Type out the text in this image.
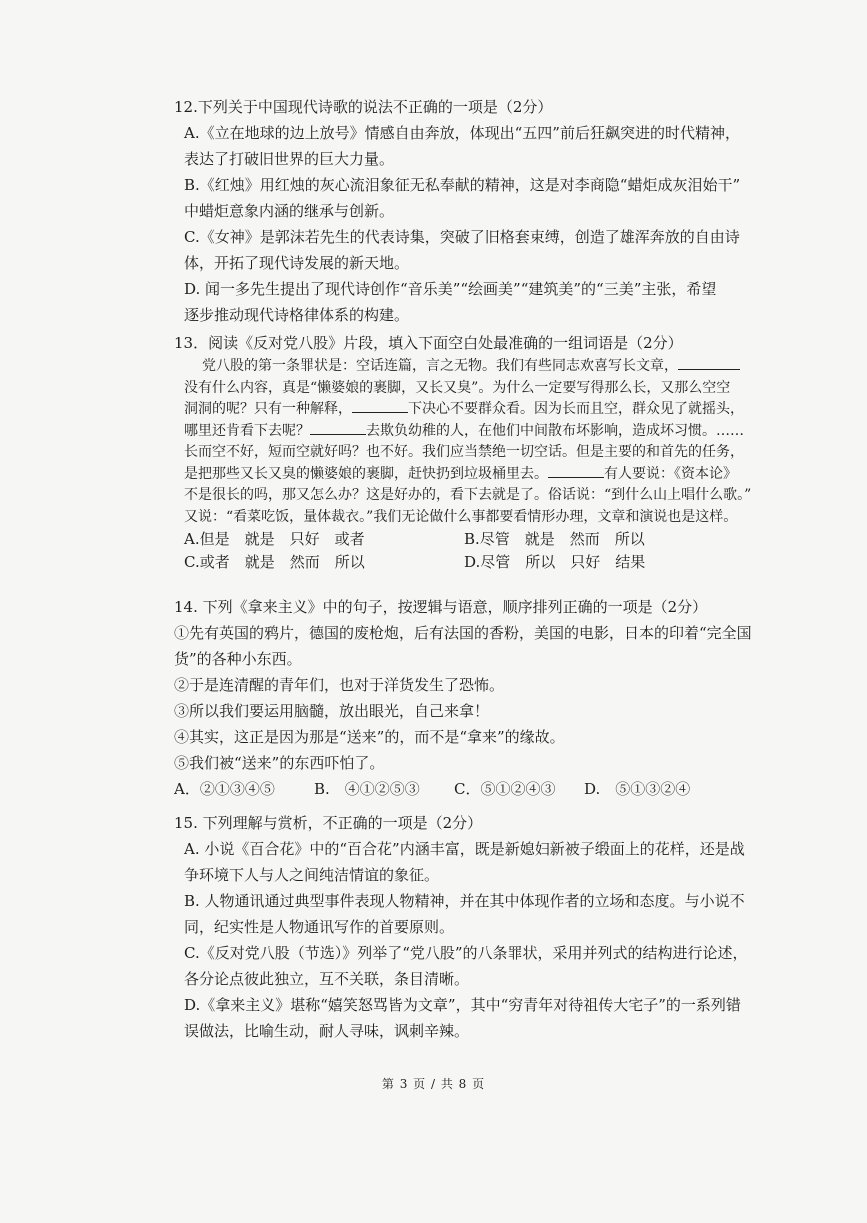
12.下列关于中国现代诗歌的说法不正确的一项是（2分）
A.《立在地球的边上放号》情感自由奔放，体现出“五四”前后狂飙突进的时代精神，
表达了打破旧世界的巨大力量。
B.《红烛》用红烛的灰心流泪象征无私奉献的精神，这是对李商隐“蜡炬成灰泪始干”
中蜡炬意象内涵的继承与创新。
C.《女神》是郭沫若先生的代表诗集，突破了旧格套束缚，创造了雄浑奔放的自由诗
体，开拓了现代诗发展的新天地。
D. 闻一多先生提出了现代诗创作“音乐美”“绘画美”“建筑美”的“三美”主张，希望
逐步推动现代诗格律体系的构建。
13．阅读《反对党八股》片段，填入下面空白处最准确的一组词语是（2分）
党八股的第一条罪状是：空话连篇，言之无物。我们有些同志欢喜写长文章，
没有什么内容，真是“懒婆娘的裹脚，又长又臭”。为什么一定要写得那么长，又那么空空
洞洞的呢？只有一种解释，	下决心不要群众看。因为长而且空，群众见了就摇头，
哪里还肯看下去呢？	去欺负幼稚的人，在他们中间散布坏影响，造成坏习惯。……
长而空不好，短而空就好吗？也不好。我们应当禁绝一切空话。但是主要的和首先的任务，
是把那些又长又臭的懒婆娘的裹脚，赶快扔到垃圾桶里去。	有人要说：《资本论》
不是很长的吗，那又怎么办？这是好办的，看下去就是了。俗话说：“到什么山上唱什么歌。”
又说：“看菜吃饭，量体裁衣。”我们无论做什么事都要看情形办理，文章和演说也是这样。
A.但是　就是　只好　或者	B.尽管　就是　然而　所以
C.或者　就是　然而　所以	D.尽管　所以　只好　结果
14. 下列《拿来主义》中的句子，按逻辑与语意，顺序排列正确的一项是（2分）
①先有英国的鸦片，德国的废枪炮，后有法国的香粉，美国的电影，日本的印着“完全国
货”的各种小东西。
②于是连清醒的青年们，也对于洋货发生了恐怖。
③所以我们要运用脑髓，放出眼光，自己来拿！
④其实，这正是因为那是“送来”的，而不是“拿来”的缘故。
⑤我们被“送来”的东西吓怕了。
A．②①③④⑤	B.　④①②⑤③	C．⑤①②④③	D.　⑤①③②④
15. 下列理解与赏析，不正确的一项是（2分）
A. 小说《百合花》中的“百合花”内涵丰富，既是新媳妇新被子缎面上的花样，还是战
争环境下人与人之间纯洁情谊的象征。
B. 人物通讯通过典型事件表现人物精神，并在其中体现作者的立场和态度。与小说不
同，纪实性是人物通讯写作的首要原则。
C.《反对党八股（节选）》列举了“党八股”的八条罪状，采用并列式的结构进行论述，
各分论点彼此独立，互不关联，条目清晰。
D.《拿来主义》堪称“嬉笑怒骂皆为文章”，其中“穷青年对待祖传大宅子”的一系列错
误做法，比喻生动，耐人寻味，讽刺辛辣。
第 3 页 / 共 8 页
